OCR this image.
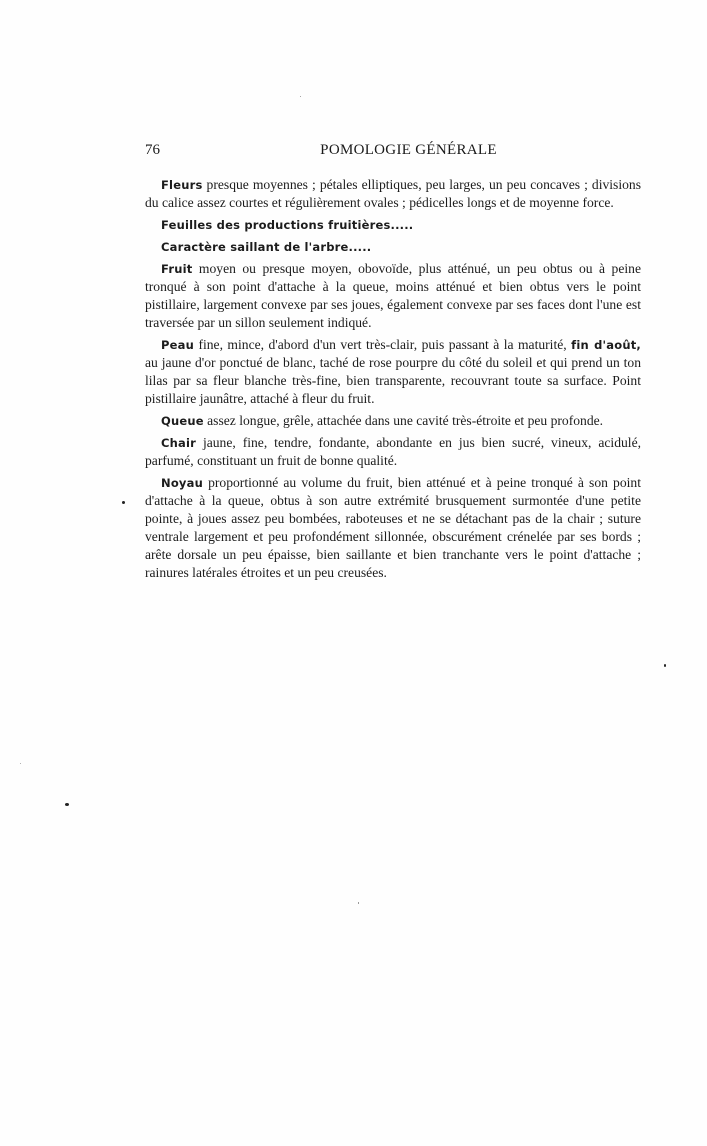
76	POMOLOGIE GÉNÉRALE

Fleurs presque moyennes ; pétales elliptiques, peu larges, un peu concaves ; divisions du calice assez courtes et régulièrement ovales ; pédicelles longs et de moyenne force.

Feuilles des productions fruitières.....

Caractère saillant de l'arbre.....

Fruit moyen ou presque moyen, obovoïde, plus atténué, un peu obtus ou à peine tronqué à son point d'attache à la queue, moins atténué et bien obtus vers le point pistillaire, largement convexe par ses joues, également convexe par ses faces dont l'une est traversée par un sillon seulement indiqué.

Peau fine, mince, d'abord d'un vert très-clair, puis passant à la maturité, fin d'août, au jaune d'or ponctué de blanc, taché de rose pourpre du côté du soleil et qui prend un ton lilas par sa fleur blanche très-fine, bien transparente, recouvrant toute sa surface. Point pistillaire jaunâtre, attaché à fleur du fruit.

Queue assez longue, grêle, attachée dans une cavité très-étroite et peu profonde.

Chair jaune, fine, tendre, fondante, abondante en jus bien sucré, vineux, acidulé, parfumé, constituant un fruit de bonne qualité.

Noyau proportionné au volume du fruit, bien atténué et à peine tronqué à son point d'attache à la queue, obtus à son autre extrémité brusquement surmontée d'une petite pointe, à joues assez peu bombées, raboteuses et ne se détachant pas de la chair ; suture ventrale largement et peu profondément sillonnée, obscurément crénelée par ses bords ; arête dorsale un peu épaisse, bien saillante et bien tranchante vers le point d'attache ; rainures latérales étroites et un peu creusées.
